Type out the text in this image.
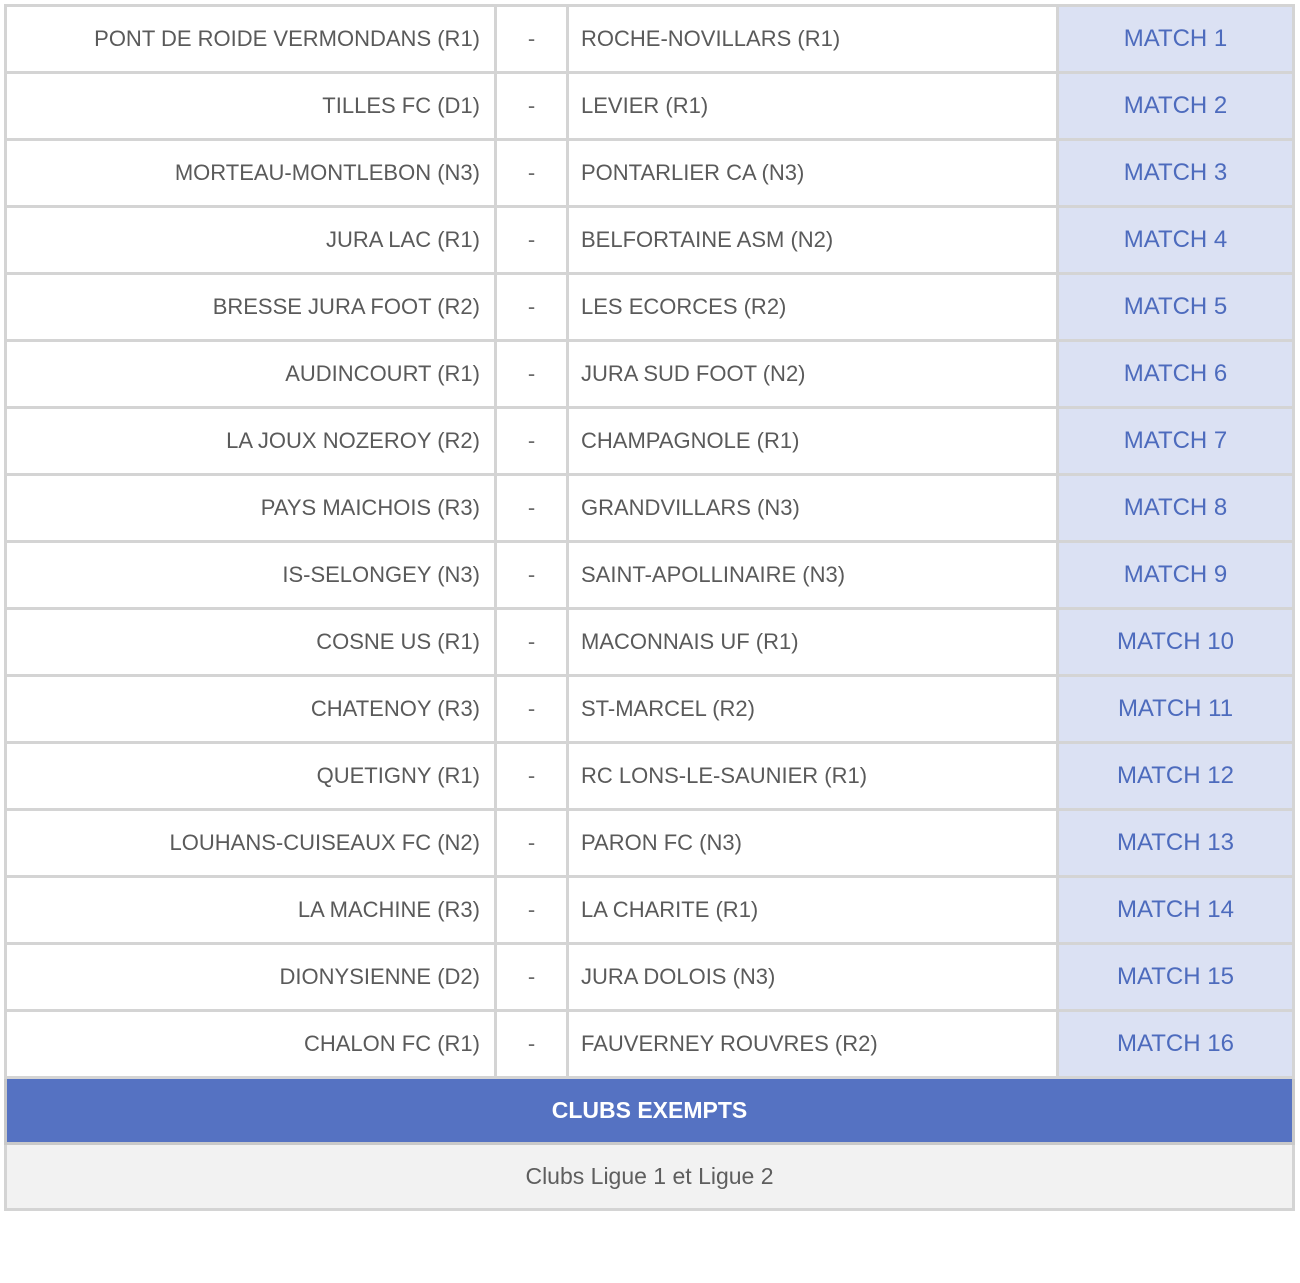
PONT DE ROIDE VERMONDANS (R1)	-	ROCHE-NOVILLARS (R1)	MATCH 1
TILLES FC (D1)	-	LEVIER (R1)	MATCH 2
MORTEAU-MONTLEBON (N3)	-	PONTARLIER CA (N3)	MATCH 3
JURA LAC (R1)	-	BELFORTAINE ASM (N2)	MATCH 4
BRESSE JURA FOOT (R2)	-	LES ECORCES (R2)	MATCH 5
AUDINCOURT (R1)	-	JURA SUD FOOT (N2)	MATCH 6
LA JOUX NOZEROY (R2)	-	CHAMPAGNOLE (R1)	MATCH 7
PAYS MAICHOIS (R3)	-	GRANDVILLARS (N3)	MATCH 8
IS-SELONGEY (N3)	-	SAINT-APOLLINAIRE (N3)	MATCH 9
COSNE US (R1)	-	MACONNAIS UF (R1)	MATCH 10
CHATENOY (R3)	-	ST-MARCEL (R2)	MATCH 11
QUETIGNY (R1)	-	RC LONS-LE-SAUNIER (R1)	MATCH 12
LOUHANS-CUISEAUX FC (N2)	-	PARON FC (N3)	MATCH 13
LA MACHINE (R3)	-	LA CHARITE (R1)	MATCH 14
DIONYSIENNE (D2)	-	JURA DOLOIS (N3)	MATCH 15
CHALON FC (R1)	-	FAUVERNEY ROUVRES (R2)	MATCH 16
CLUBS EXEMPTS			
Clubs Ligue 1 et Ligue 2			
